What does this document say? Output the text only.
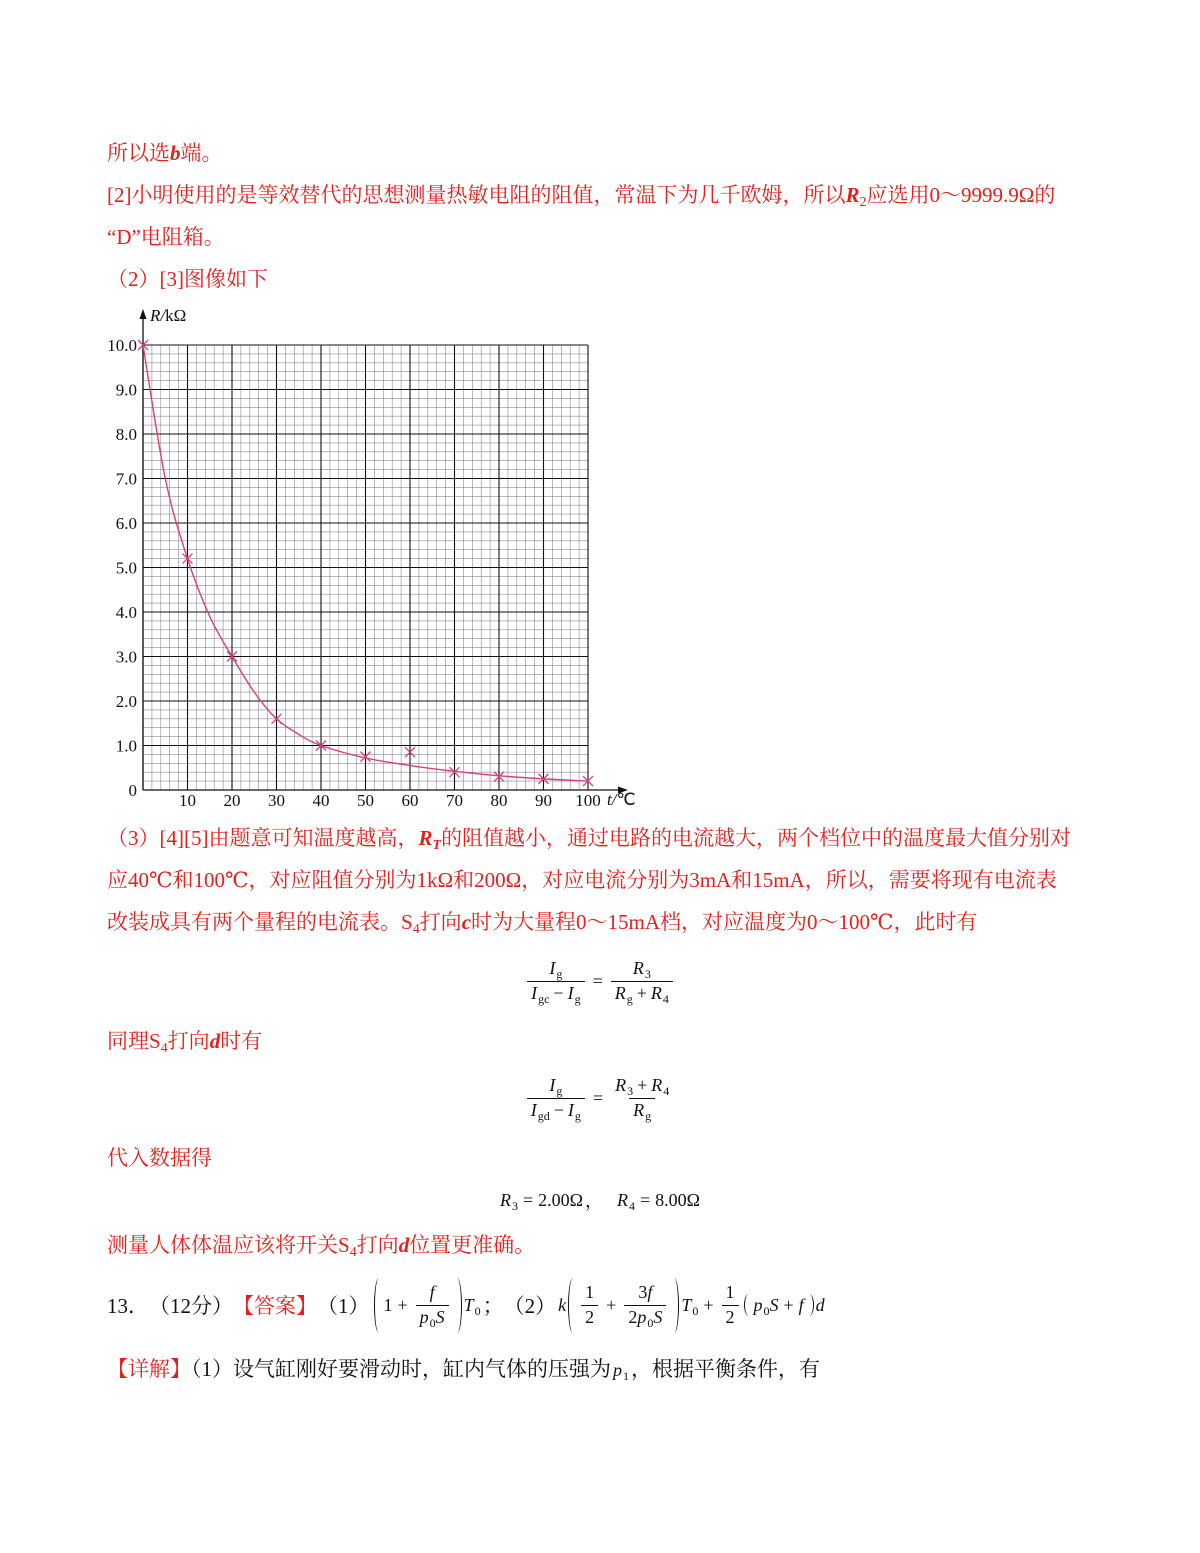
所以选b端。
[2]小明使用的是等效替代的思想测量热敏电阻的阻值，常温下为几千欧姆，所以$R_2$应选用0～9999.9Ω的
“D”电阻箱。
（2）[3]图像如下
0
1.0
2.0
3.0
4.0
5.0
6.0
7.0
8.0
9.0
10.0
10 20 30 40 50 60 70 80 90 100
R/kΩ
t/℃
（3）[4][5]由题意可知温度越高，$R_T$的阻值越小，通过电路的电流越大，两个档位中的温度最大值分别对
应40℃和100℃，对应阻值分别为1kΩ和200Ω，对应电流分别为3mA和15mA，所以，需要将现有电流表
改装成具有两个量程的电流表。$S_4$打向c时为大量程0～15mA档，对应温度为0～100℃，此时有
$\frac{\text{I g}}{\text{I gc − I g}} = \frac{R 3}{\text{R g + R 4}}$
同理$S_4$打向d时有
$\frac{\text{I g}}{\text{I gd − I g}} = \frac{R 3 + R 4}{\text{R g}}$
代入数据得
R 3 = 2.00Ω ， R 4 = 8.00Ω
测量人体体温应该将开关$S_4$打向d位置更准确。
13． （12分） 【答案】 （1） $1 + \frac{f}{p 0 S}$ T 0 ； （2） k $\frac{1}{2} + \frac{3 f}{2 p 0 S}$ T $0 + \frac{1}{2}$ p 0 S + f d
【详解】（1）设气缸刚好要滑动时，缸内气体的压强为 p 1 ，根据平衡条件，有
